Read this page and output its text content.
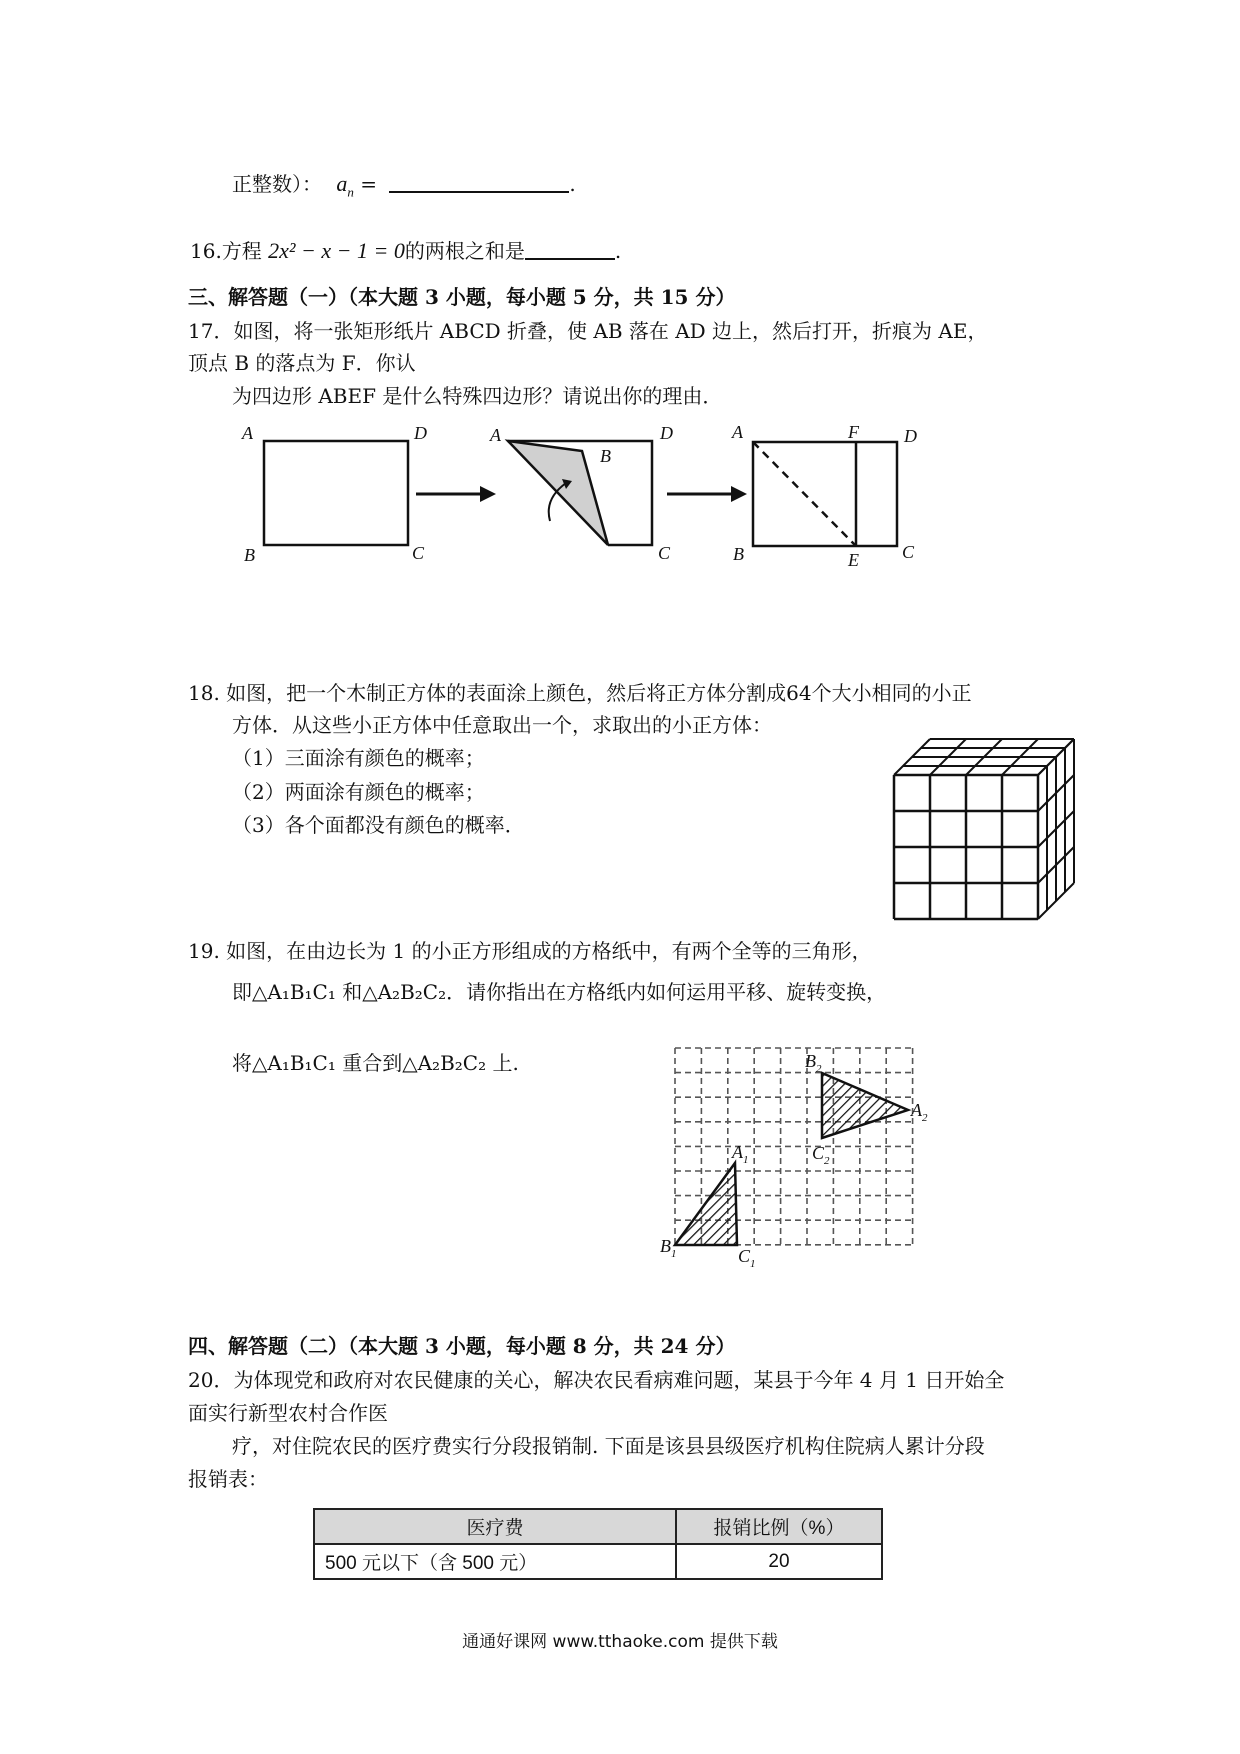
正整数）： $a_n$ =	.
16.方程 2x² − x − 1 = 0的两根之和是	.
三、解答题（一）（本大题 3 小题，每小题 5 分，共 15 分）
17．如图，将一张矩形纸片 ABCD 折叠，使 AB 落在 AD 边上，然后打开，折痕为 AE，
顶点 B 的落点为 F．你认
为四边形 ABEF 是什么特殊四边形？请说出你的理由．
A	D
B	C
A	D
B
C
A	F	D
B	E C
18. 如图，把一个木制正方体的表面涂上颜色，然后将正方体分割成64个大小相同的小正
方体．从这些小正方体中任意取出一个，求取出的小正方体：
（1）三面涂有颜色的概率；
（2）两面涂有颜色的概率；
（3）各个面都没有颜色的概率．
19. 如图，在由边长为 1 的小正方形组成的方格纸中，有两个全等的三角形，
即△A₁B₁C₁ 和△A₂B₂C₂．请你指出在方格纸内如何运用平移、旋转变换，
将△A₁B₁C₁ 重合到△A₂B₂C₂ 上.
$A_1$
$B_1$	$C_1$
$B_2$
$C_2$
$A_2$
四、解答题（二）（本大题 3 小题，每小题 8 分，共 24 分）
20．为体现党和政府对农民健康的关心，解决农民看病难问题，某县于今年 4 月 1 日开始全
面实行新型农村合作医
疗，对住院农民的医疗费实行分段报销制. 下面是该县县级医疗机构住院病人累计分段
报销表：
医疗费	报销比例（%）
500 元以下（含 500 元）	20
通通好课网 www.tthaoke.com 提供下载
